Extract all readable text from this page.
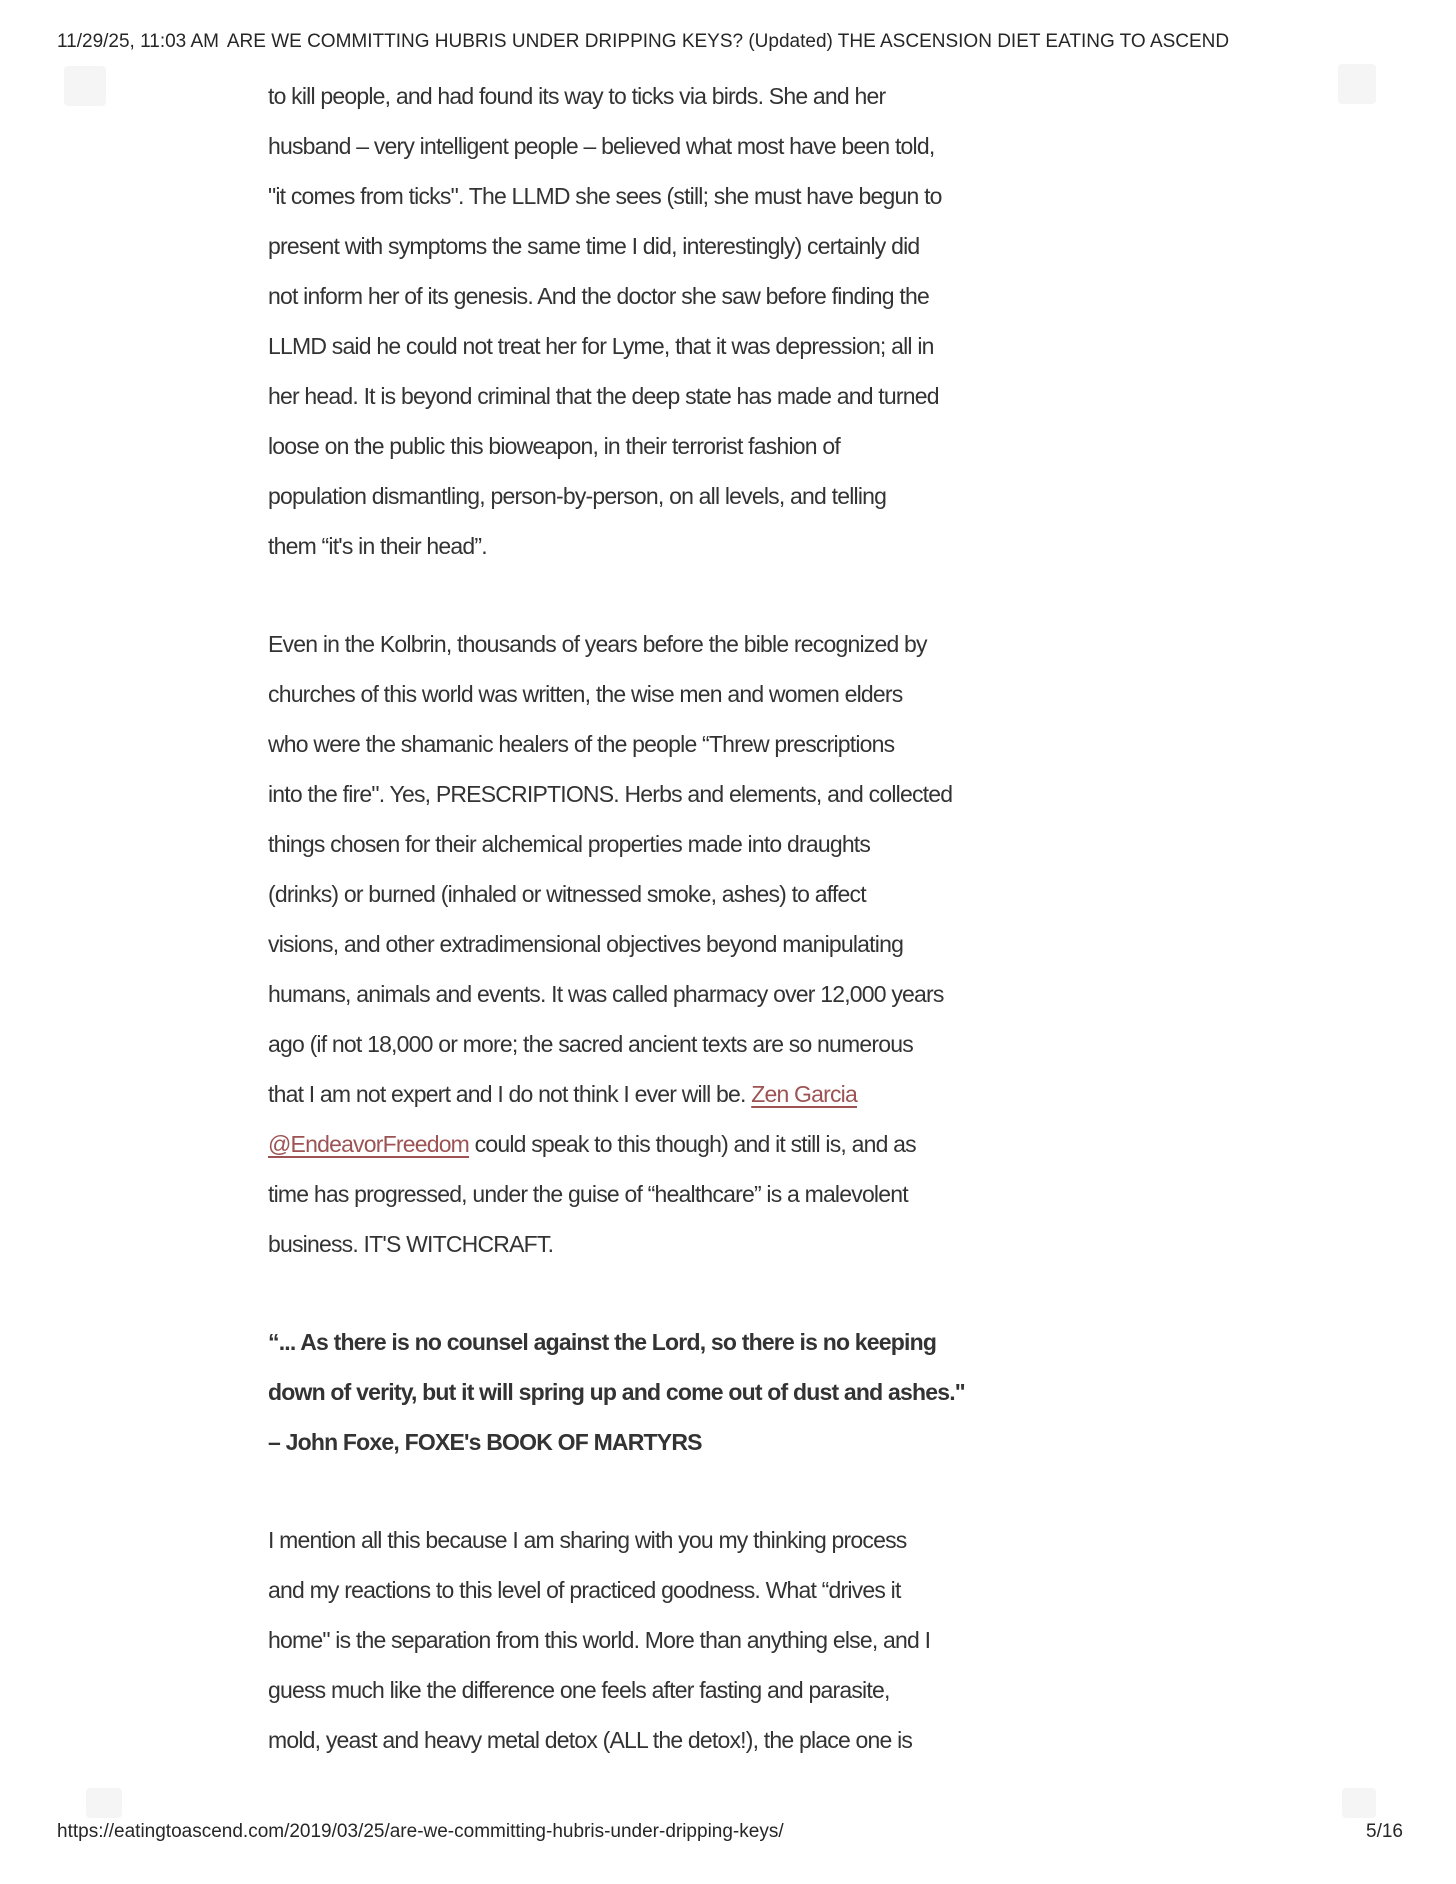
11/29/25, 11:03 AM ARE WE COMMITTING HUBRIS UNDER DRIPPING KEYS? (Updated) THE ASCENSION DIET EATING TO ASCEND

to kill people, and had found its way to ticks via birds. She and her
husband – very intelligent people – believed what most have been told,
"it comes from ticks". The LLMD she sees (still; she must have begun to
present with symptoms the same time I did, interestingly) certainly did
not inform her of its genesis. And the doctor she saw before finding the
LLMD said he could not treat her for Lyme, that it was depression; all in
her head. It is beyond criminal that the deep state has made and turned
loose on the public this bioweapon, in their terrorist fashion of
population dismantling, person-by-person, on all levels, and telling
them “it's in their head”.

Even in the Kolbrin, thousands of years before the bible recognized by
churches of this world was written, the wise men and women elders
who were the shamanic healers of the people “Threw prescriptions
into the fire". Yes, PRESCRIPTIONS. Herbs and elements, and collected
things chosen for their alchemical properties made into draughts
(drinks) or burned (inhaled or witnessed smoke, ashes) to affect
visions, and other extradimensional objectives beyond manipulating
humans, animals and events. It was called pharmacy over 12,000 years
ago (if not 18,000 or more; the sacred ancient texts are so numerous
that I am not expert and I do not think I ever will be. Zen Garcia
@EndeavorFreedom could speak to this though) and it still is, and as
time has progressed, under the guise of “healthcare” is a malevolent
business. IT'S WITCHCRAFT.

“... As there is no counsel against the Lord, so there is no keeping
down of verity, but it will spring up and come out of dust and ashes."
– John Foxe, FOXE's BOOK OF MARTYRS

I mention all this because I am sharing with you my thinking process
and my reactions to this level of practiced goodness. What “drives it
home" is the separation from this world. More than anything else, and I
guess much like the difference one feels after fasting and parasite,
mold, yeast and heavy metal detox (ALL the detox!), the place one is

https://eatingtoascend.com/2019/03/25/are-we-committing-hubris-under-dripping-keys/	5/16
